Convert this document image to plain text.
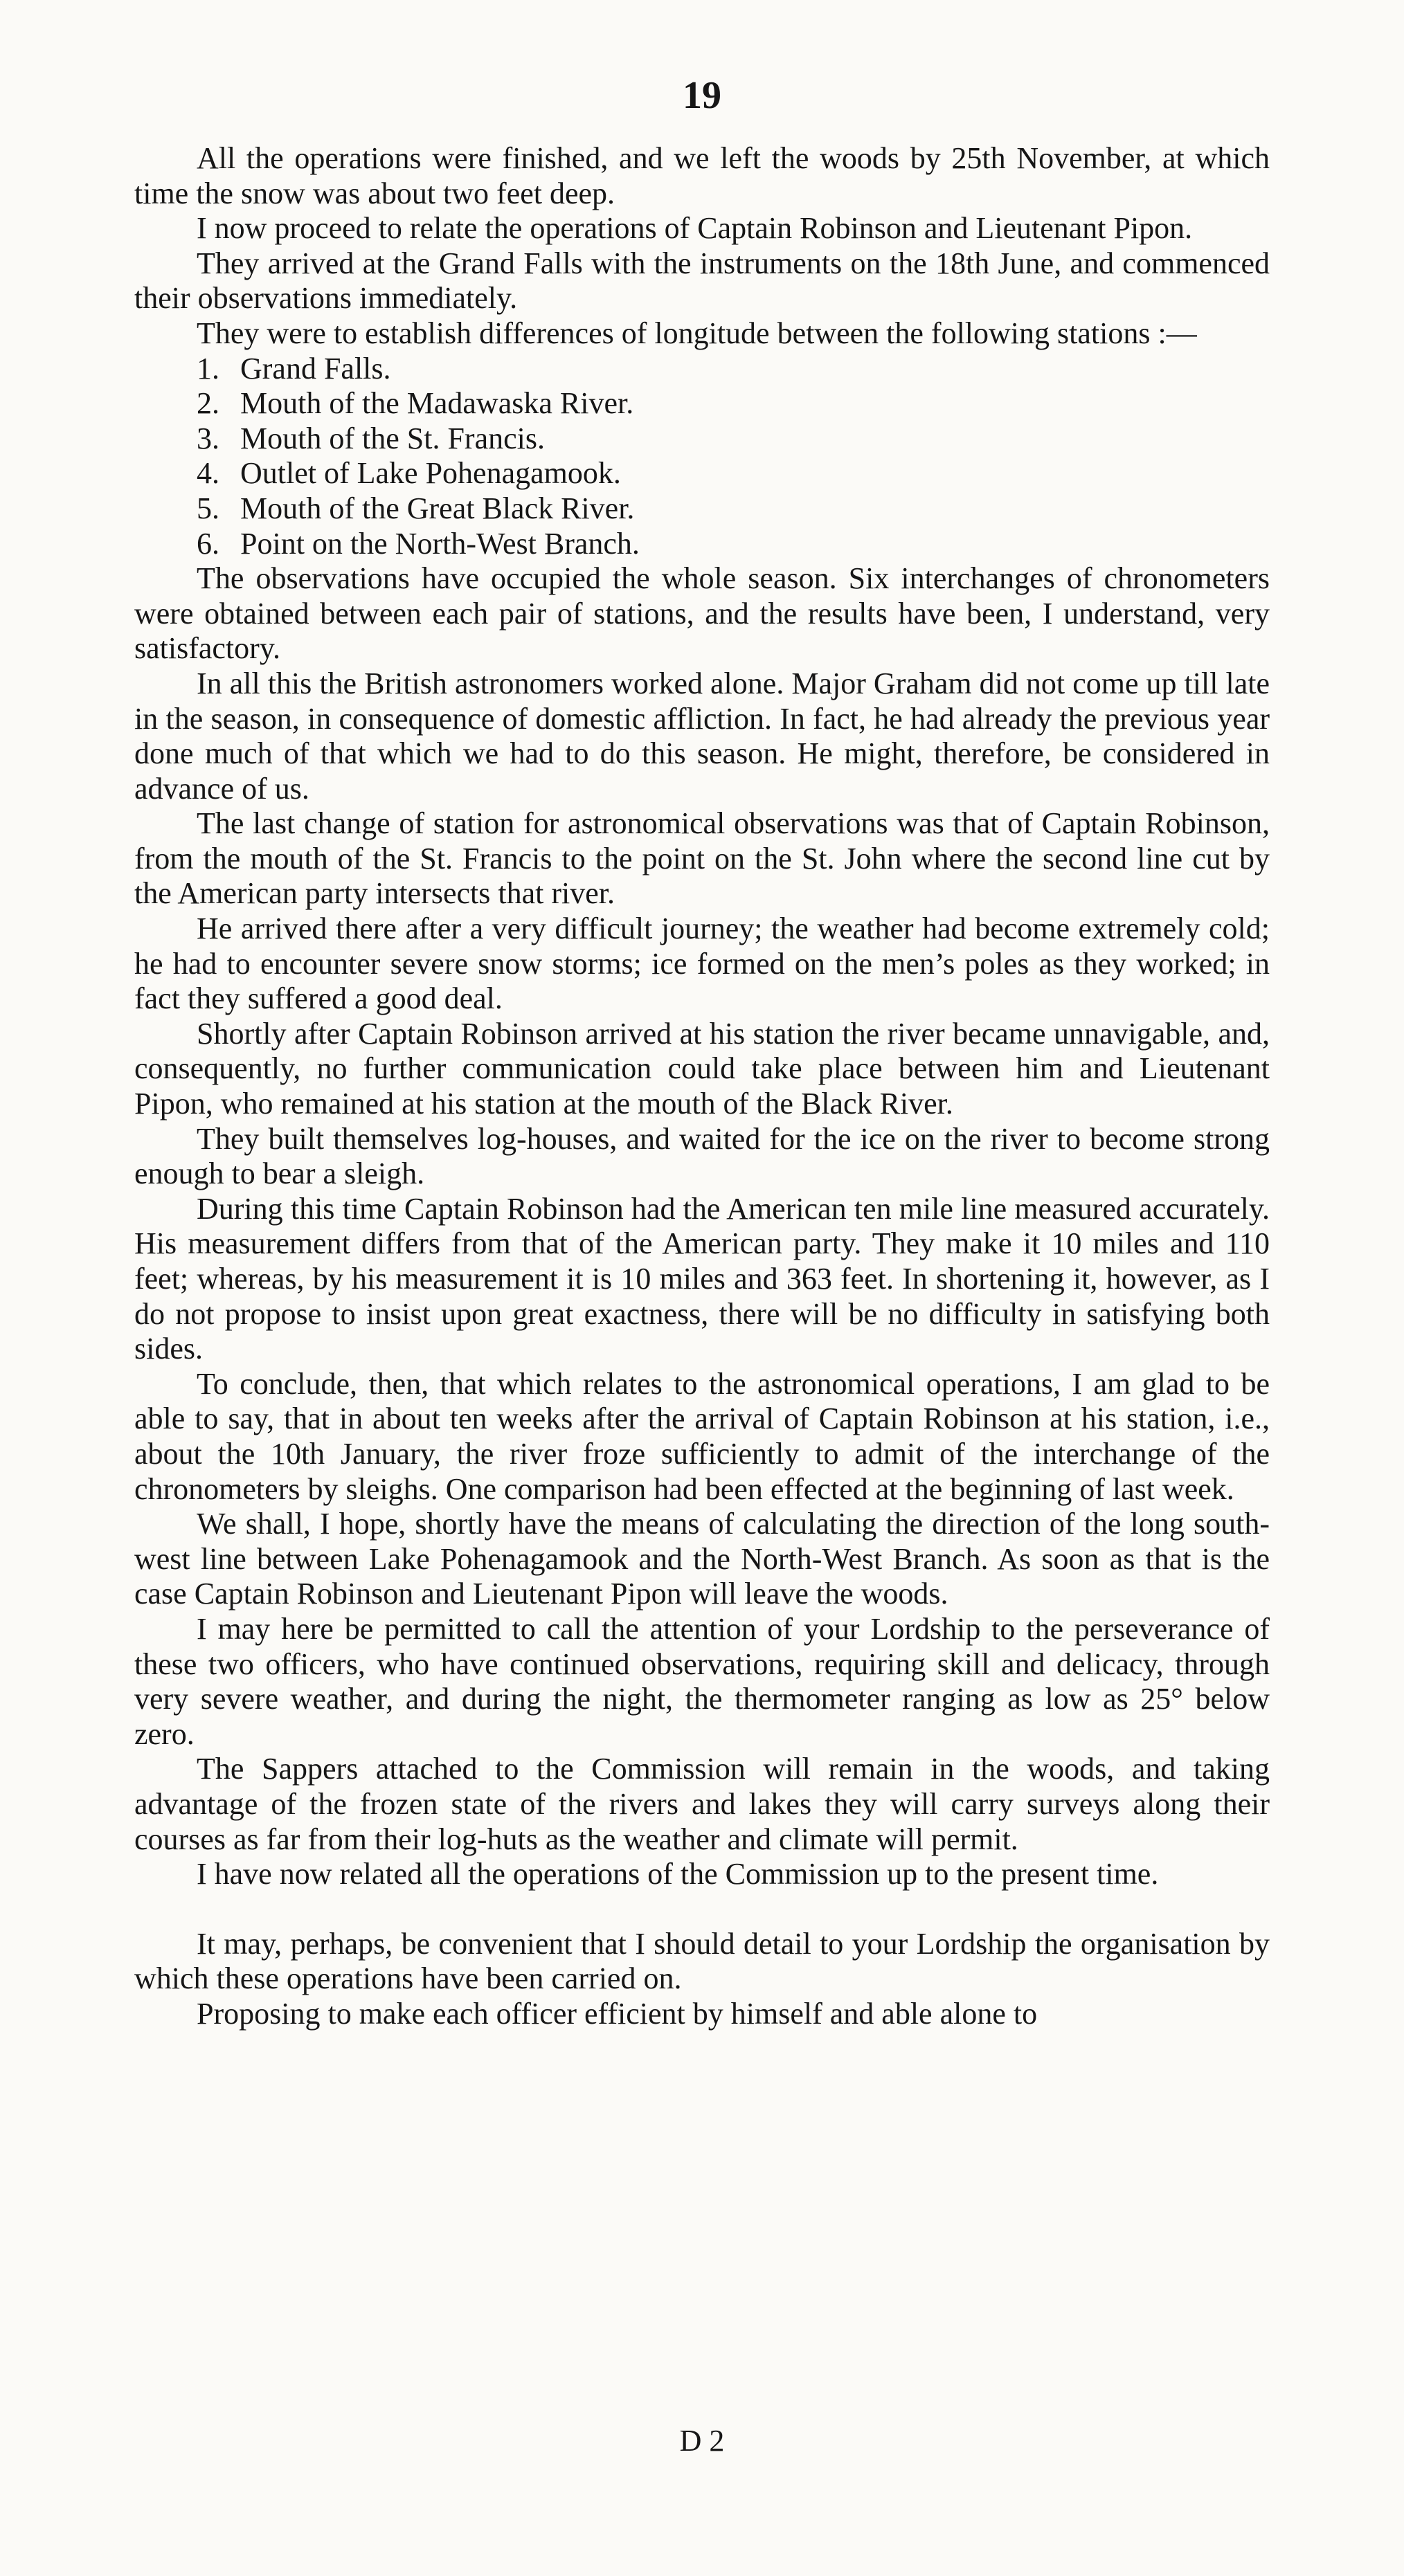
19

All the operations were finished, and we left the woods by 25th November, at which time the snow was about two feet deep.

I now proceed to relate the operations of Captain Robinson and Lieutenant Pipon.

They arrived at the Grand Falls with the instruments on the 18th June, and commenced their observations immediately.

They were to establish differences of longitude between the following stations :—

1. Grand Falls.
2. Mouth of the Madawaska River.
3. Mouth of the St. Francis.
4. Outlet of Lake Pohenagamook.
5. Mouth of the Great Black River.
6. Point on the North-West Branch.

The observations have occupied the whole season. Six interchanges of chronometers were obtained between each pair of stations, and the results have been, I understand, very satisfactory.

In all this the British astronomers worked alone. Major Graham did not come up till late in the season, in consequence of domestic affliction. In fact, he had already the previous year done much of that which we had to do this season. He might, therefore, be considered in advance of us.

The last change of station for astronomical observations was that of Captain Robinson, from the mouth of the St. Francis to the point on the St. John where the second line cut by the American party intersects that river.

He arrived there after a very difficult journey; the weather had become extremely cold; he had to encounter severe snow storms; ice formed on the men’s poles as they worked; in fact they suffered a good deal.

Shortly after Captain Robinson arrived at his station the river became unnavigable, and, consequently, no further communication could take place between him and Lieutenant Pipon, who remained at his station at the mouth of the Black River.

They built themselves log-houses, and waited for the ice on the river to become strong enough to bear a sleigh.

During this time Captain Robinson had the American ten mile line measured accurately. His measurement differs from that of the American party. They make it 10 miles and 110 feet; whereas, by his measurement it is 10 miles and 363 feet. In shortening it, however, as I do not propose to insist upon great exactness, there will be no difficulty in satisfying both sides.

To conclude, then, that which relates to the astronomical operations, I am glad to be able to say, that in about ten weeks after the arrival of Captain Robinson at his station, i.e., about the 10th January, the river froze sufficiently to admit of the interchange of the chronometers by sleighs. One comparison had been effected at the beginning of last week.

We shall, I hope, shortly have the means of calculating the direction of the long south-west line between Lake Pohenagamook and the North-West Branch. As soon as that is the case Captain Robinson and Lieutenant Pipon will leave the woods.

I may here be permitted to call the attention of your Lordship to the perseverance of these two officers, who have continued observations, requiring skill and delicacy, through very severe weather, and during the night, the thermometer ranging as low as 25° below zero.

The Sappers attached to the Commission will remain in the woods, and taking advantage of the frozen state of the rivers and lakes they will carry surveys along their courses as far from their log-huts as the weather and climate will permit.

I have now related all the operations of the Commission up to the present time.

It may, perhaps, be convenient that I should detail to your Lordship the organisation by which these operations have been carried on.

Proposing to make each officer efficient by himself and able alone to

D 2
